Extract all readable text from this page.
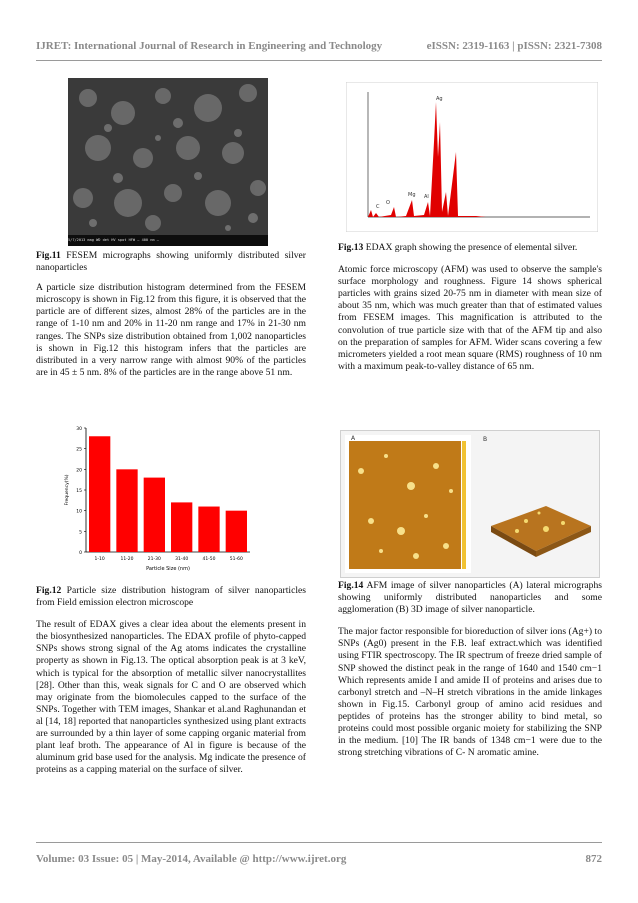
IJRET: International Journal of Research in Engineering and Technology	eISSN: 2319-1163 | pISSN: 2321-7308
5/7/2013 mag WD det HV spot HFW — 400 nm —

Fig.11 FESEM micrographs showing uniformly distributed silver nanoparticles

A particle size distribution histogram determined from the FESEM microscopy is shown in Fig.12 from this figure, it is observed that the particle are of different sizes, almost 28% of the particles are in the range of 1-10 nm and 20% in 11-20 nm range and 17% in 21-30 nm ranges. The SNPs size distribution obtained from 1,002 nanoparticles is shown in Fig.12 this histogram infers that the particles are distributed in a very narrow range with almost 90% of the particles are in 45 ± 5 nm. 8% of the particles are in the range above 51 nm.

0
5
10
15
20
25
30
1-10	11-20	21-30	31-40	41-50	51-60
Particle Size (nm)
Frequency(%)

Fig.12 Particle size distribution histogram of silver nanoparticles from Field emission electron microscope

The result of EDAX gives a clear idea about the elements present in the biosynthesized nanoparticles. The EDAX profile of phyto-capped SNPs shows strong signal of the Ag atoms indicates the crystalline property as shown in Fig.13. The optical absorption peak is at 3 keV, which is typical for the absorption of metallic silver nanocrystallites [28]. Other than this, weak signals for C and O are observed which may originate from the biomolecules capped to the surface of the SNPs. Together with TEM images, Shankar et al.and Raghunandan et al [14, 18] reported that nanoparticles synthesized using plant extracts are surrounded by a thin layer of some capping organic material from plant leaf broth. The appearance of Al in figure is because of the aluminum grid base used for the analysis. Mg indicate the presence of proteins as a capping material on the surface of silver.

C
O
Mg Al
Ag

Fig.13 EDAX graph showing the presence of elemental silver.

Atomic force microscopy (AFM) was used to observe the sample's surface morphology and roughness. Figure 14 shows spherical particles with grains sized 20-75 nm in diameter with mean size of about 35 nm, which was much greater than that of estimated values from FESEM images. This magnification is attributed to the convolution of true particle size with that of the AFM tip and also on the preparation of samples for AFM. Wider scans covering a few micrometers yielded a root mean square (RMS) roughness of 10 nm with a maximum peak-to-valley distance of 65 nm.

A	B

Fig.14 AFM image of silver nanoparticles (A) lateral micrographs showing uniformly distributed nanoparticles and some agglomeration (B) 3D image of silver nanoparticle.

The major factor responsible for bioreduction of silver ions (Ag+) to SNPs (Ag0) present in the F.B. leaf extract.which was identified using FTIR spectroscopy. The IR spectrum of freeze dried sample of SNP showed the distinct peak in the range of 1640 and 1540 cm−1 Which represents amide I and amide II of proteins and arises due to carbonyl stretch and –N–H stretch vibrations in the amide linkages shown in Fig.15. Carbonyl group of amino acid residues and peptides of proteins has the stronger ability to bind metal, so proteins could most possible organic moiety for stabilizing the SNP in the medium. [10] The IR bands of 1348 cm−1 were due to the strong stretching vibrations of C- N aromatic amine.

Volume: 03 Issue: 05 | May-2014, Available @ http://www.ijret.org	872
